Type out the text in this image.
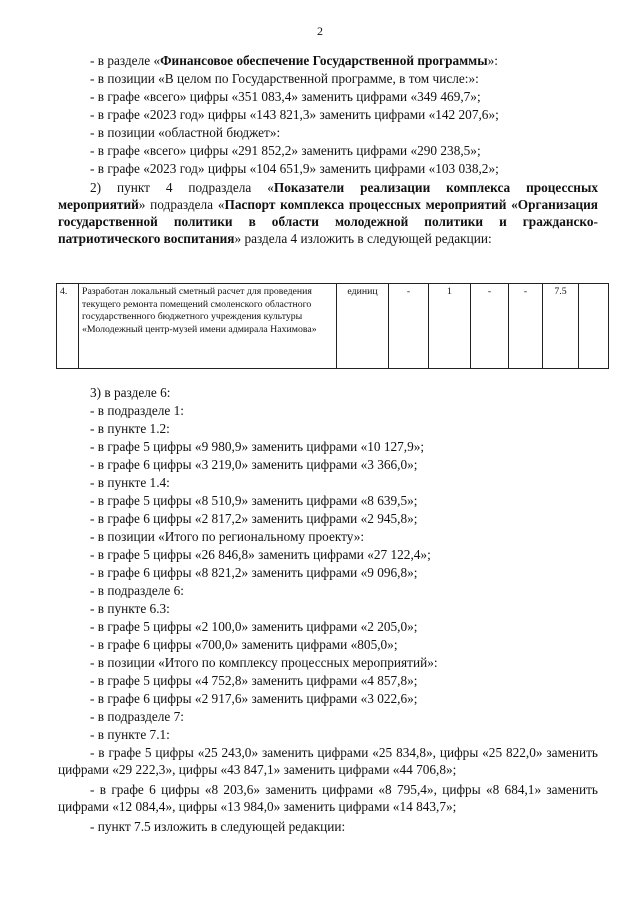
2
- в разделе «Финансовое обеспечение Государственной программы»:
- в позиции «В целом по Государственной программе, в том числе:»:
- в графе «всего» цифры «351 083,4» заменить цифрами «349 469,7»;
- в графе «2023 год» цифры «143 821,3» заменить цифрами «142 207,6»;
- в позиции «областной бюджет»:
- в графе «всего» цифры «291 852,2» заменить цифрами «290 238,5»;
- в графе «2023 год» цифры «104 651,9» заменить цифрами «103 038,2»;
2) пункт 4 подраздела «Показатели реализации комплекса процессных мероприятий» подраздела «Паспорт комплекса процессных мероприятий «Организация государственной политики в области молодежной политики и гражданско-патриотического воспитания» раздела 4 изложить в следующей редакции:
4.	Разработан локальный сметный расчет для проведения текущего ремонта помещений смоленского областного государственного бюджетного учреждения культуры «Молодежный центр-музей имени адмирала Нахимова»	единиц	-	1	-	-	7.5	
3) в разделе 6:
- в подразделе 1:
- в пункте 1.2:
- в графе 5 цифры «9 980,9» заменить цифрами «10 127,9»;
- в графе 6 цифры «3 219,0» заменить цифрами «3 366,0»;
- в пункте 1.4:
- в графе 5 цифры «8 510,9» заменить цифрами «8 639,5»;
- в графе 6 цифры «2 817,2» заменить цифрами «2 945,8»;
- в позиции «Итого по региональному проекту»:
- в графе 5 цифры «26 846,8» заменить цифрами «27 122,4»;
- в графе 6 цифры «8 821,2» заменить цифрами «9 096,8»;
- в подразделе 6:
- в пункте 6.3:
- в графе 5 цифры «2 100,0» заменить цифрами «2 205,0»;
- в графе 6 цифры «700,0» заменить цифрами «805,0»;
- в позиции «Итого по комплексу процессных мероприятий»:
- в графе 5 цифры «4 752,8» заменить цифрами «4 857,8»;
- в графе 6 цифры «2 917,6» заменить цифрами «3 022,6»;
- в подразделе 7:
- в пункте 7.1:
- в графе 5 цифры «25 243,0» заменить цифрами «25 834,8», цифры «25 822,0» заменить цифрами «29 222,3», цифры «43 847,1» заменить цифрами «44 706,8»;
- в графе 6 цифры «8 203,6» заменить цифрами «8 795,4», цифры «8 684,1» заменить цифрами «12 084,4», цифры «13 984,0» заменить цифрами «14 843,7»;
- пункт 7.5 изложить в следующей редакции:
